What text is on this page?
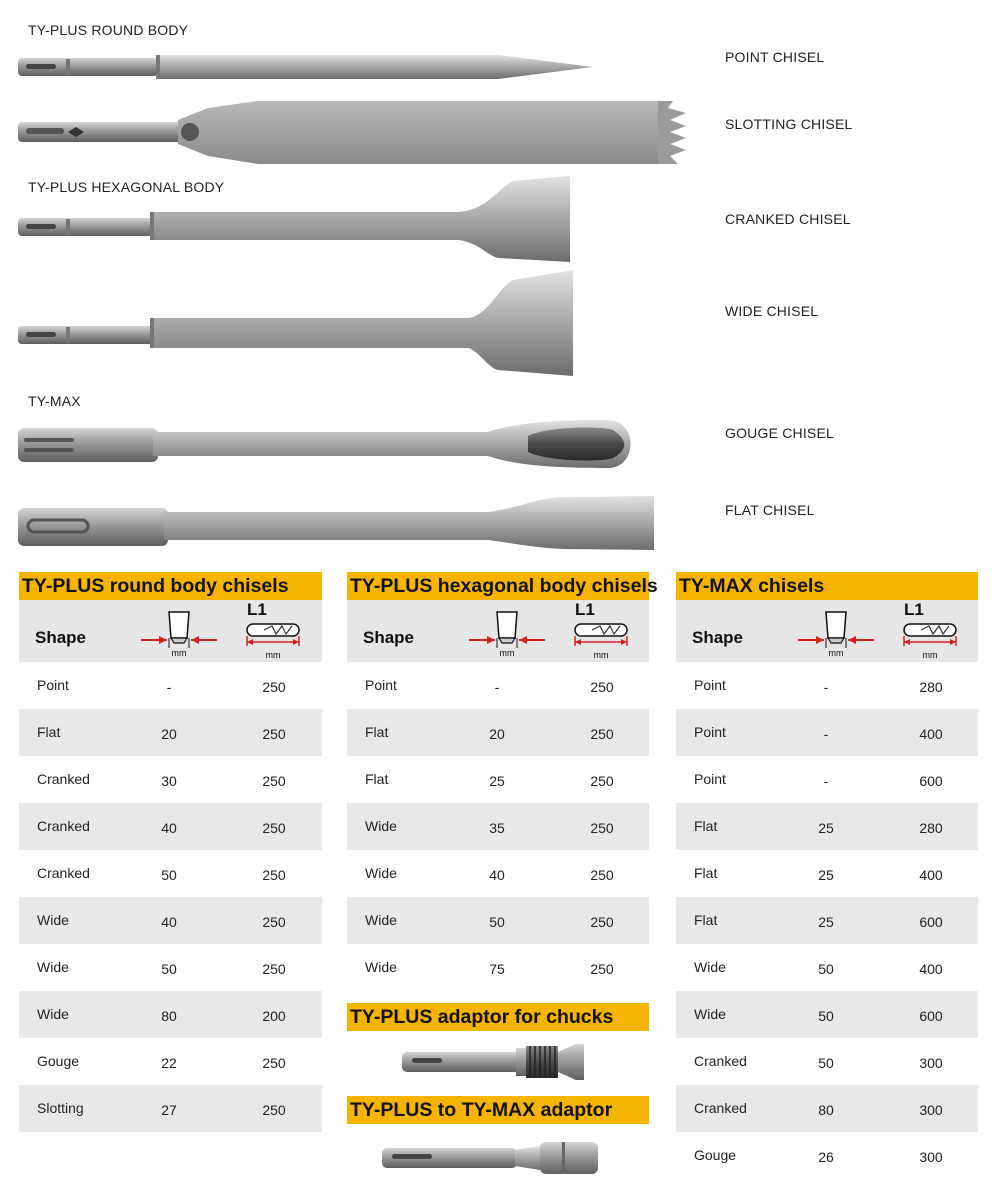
TY-PLUS ROUND BODY
TY-PLUS HEXAGONAL BODY
TY-MAX
POINT CHISEL
SLOTTING CHISEL
CRANKED CHISEL
WIDE CHISEL
GOUGE CHISEL
FLAT CHISEL
TY-PLUS round body chisels
Shape
mm
L1
mm
Point	-	250
Flat	20	250
Cranked	30	250
Cranked	40	250
Cranked	50	250
Wide	40	250
Wide	50	250
Wide	80	200
Gouge	22	250
Slotting	27	250
TY-PLUS hexagonal body chisels
Shape
mm
L1
mm
Point	-	250
Flat	20	250
Flat	25	250
Wide	35	250
Wide	40	250
Wide	50	250
Wide	75	250
TY-MAX chisels
Shape
mm
L1
mm
Point	-	280
Point	-	400
Point	-	600
Flat	25	280
Flat	25	400
Flat	25	600
Wide	50	400
Wide	50	600
Cranked	50	300
Cranked	80	300
Gouge	26	300
TY-PLUS adaptor for chucks
TY-PLUS to TY-MAX adaptor
